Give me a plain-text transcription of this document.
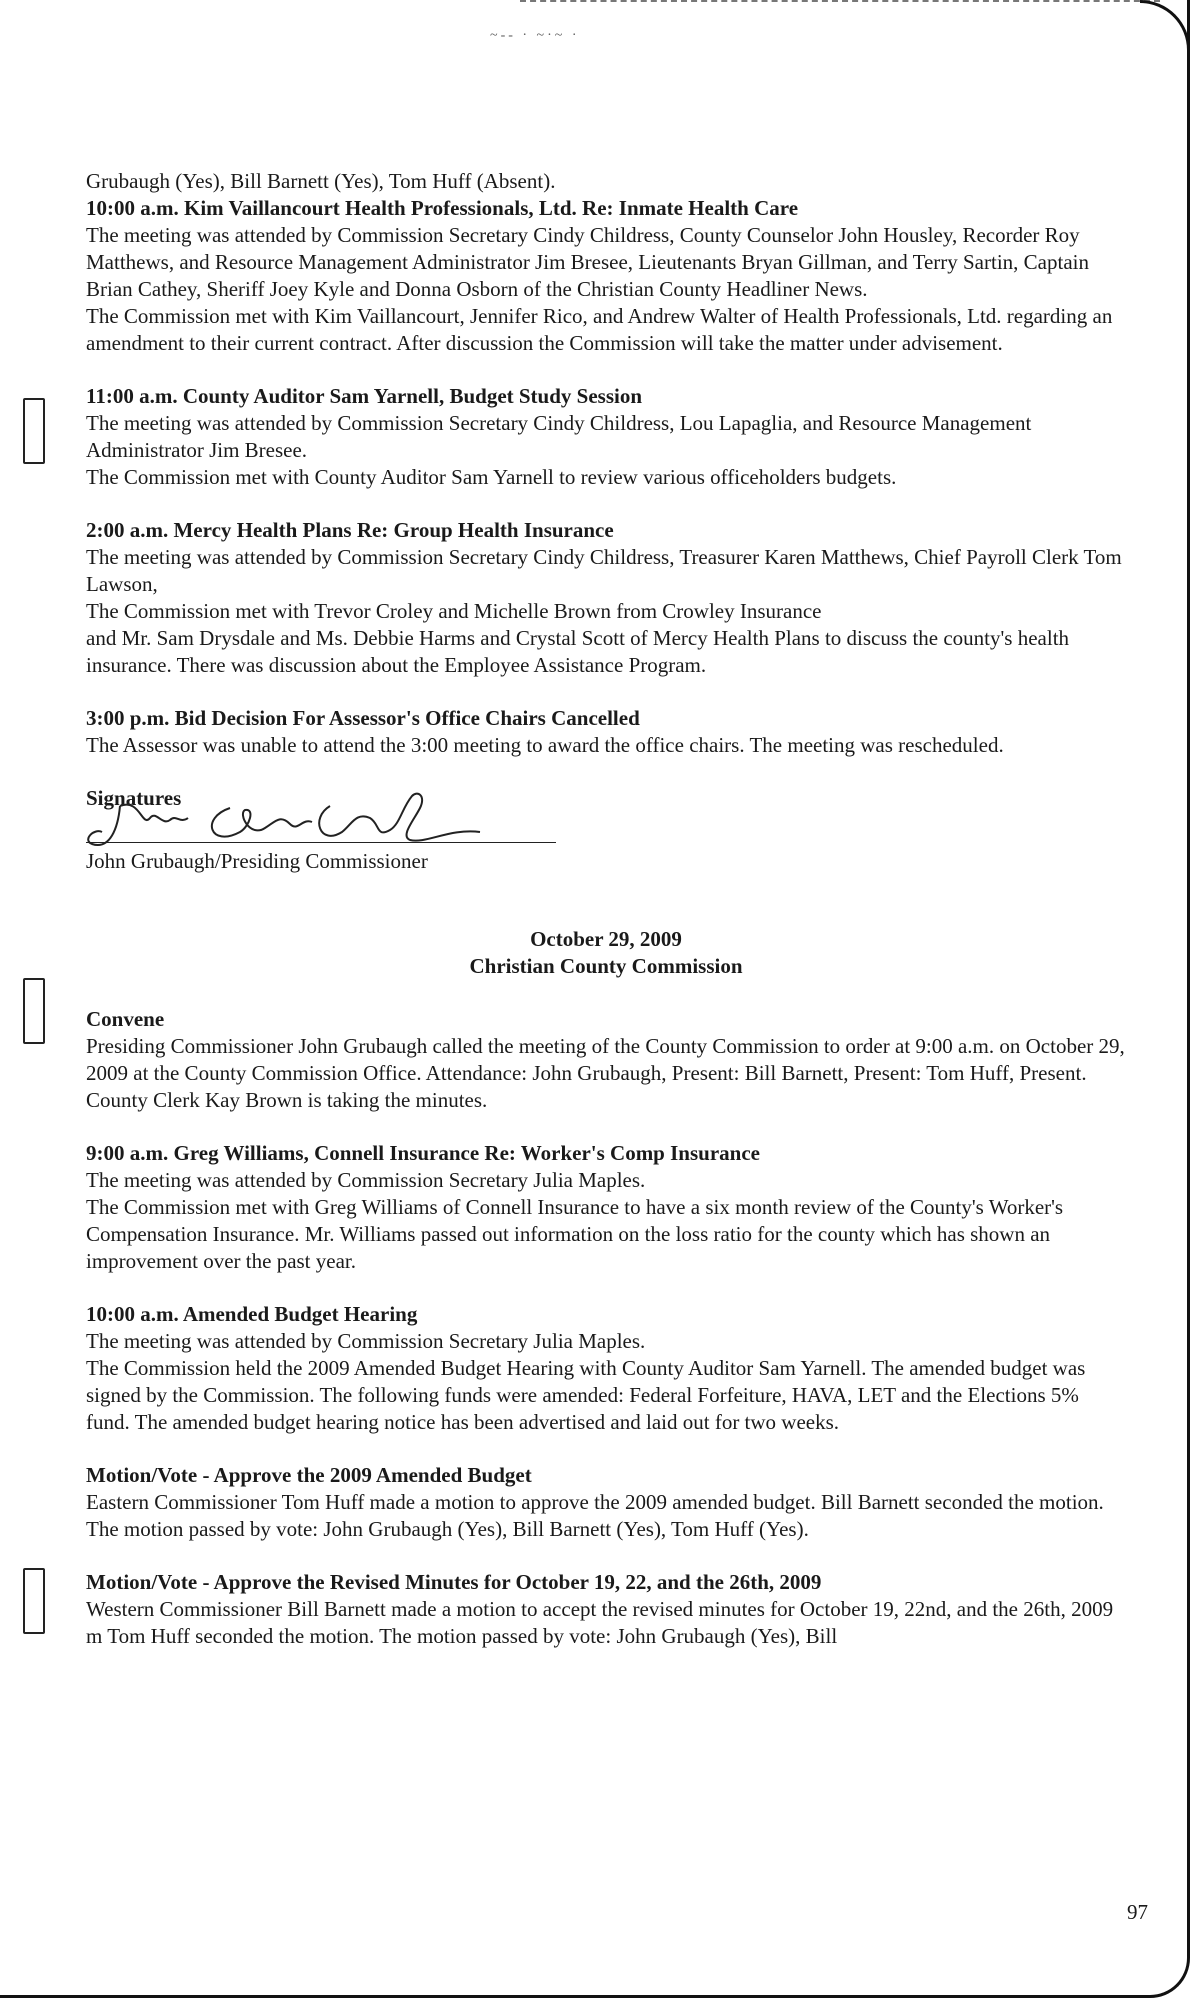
~-- · ~·~ ·

Grubaugh (Yes), Bill Barnett (Yes), Tom Huff (Absent).

10:00 a.m. Kim Vaillancourt Health Professionals, Ltd. Re: Inmate Health Care

The meeting was attended by Commission Secretary Cindy Childress, County Counselor John Housley, Recorder Roy Matthews, and Resource Management Administrator Jim Bresee, Lieutenants Bryan Gillman, and Terry Sartin, Captain Brian Cathey, Sheriff Joey Kyle and Donna Osborn of the Christian County Headliner News.

The Commission met with Kim Vaillancourt, Jennifer Rico, and Andrew Walter of Health Professionals, Ltd. regarding an amendment to their current contract. After discussion the Commission will take the matter under advisement.

11:00 a.m. County Auditor Sam Yarnell, Budget Study Session

The meeting was attended by Commission Secretary Cindy Childress, Lou Lapaglia, and Resource Management Administrator Jim Bresee.

The Commission met with County Auditor Sam Yarnell to review various officeholders budgets.

2:00 a.m. Mercy Health Plans Re: Group Health Insurance

The meeting was attended by Commission Secretary Cindy Childress, Treasurer Karen Matthews, Chief Payroll Clerk Tom Lawson,

The Commission met with Trevor Croley and Michelle Brown from Crowley Insurance

and Mr. Sam Drysdale and Ms. Debbie Harms and Crystal Scott of Mercy Health Plans to discuss the county's health insurance. There was discussion about the Employee Assistance Program.

3:00 p.m. Bid Decision For Assessor's Office Chairs Cancelled

The Assessor was unable to attend the 3:00 meeting to award the office chairs. The meeting was rescheduled.

Signatures

John Grubaugh/Presiding Commissioner

October 29, 2009

Christian County Commission

Convene

Presiding Commissioner John Grubaugh called the meeting of the County Commission to order at 9:00 a.m. on October 29, 2009 at the County Commission Office. Attendance: John Grubaugh, Present: Bill Barnett, Present: Tom Huff, Present. County Clerk Kay Brown is taking the minutes.

9:00 a.m. Greg Williams, Connell Insurance Re: Worker's Comp Insurance

The meeting was attended by Commission Secretary Julia Maples.

The Commission met with Greg Williams of Connell Insurance to have a six month review of the County's Worker's Compensation Insurance. Mr. Williams passed out information on the loss ratio for the county which has shown an improvement over the past year.

10:00 a.m. Amended Budget Hearing

The meeting was attended by Commission Secretary Julia Maples.

The Commission held the 2009 Amended Budget Hearing with County Auditor Sam Yarnell. The amended budget was signed by the Commission. The following funds were amended: Federal Forfeiture, HAVA, LET and the Elections 5% fund. The amended budget hearing notice has been advertised and laid out for two weeks.

Motion/Vote - Approve the 2009 Amended Budget

Eastern Commissioner Tom Huff made a motion to approve the 2009 amended budget. Bill Barnett seconded the motion. The motion passed by vote: John Grubaugh (Yes), Bill Barnett (Yes), Tom Huff (Yes).

Motion/Vote - Approve the Revised Minutes for October 19, 22, and the 26th, 2009

Western Commissioner Bill Barnett made a motion to accept the revised minutes for October 19, 22nd, and the 26th, 2009 m Tom Huff seconded the motion. The motion passed by vote: John Grubaugh (Yes), Bill

97
